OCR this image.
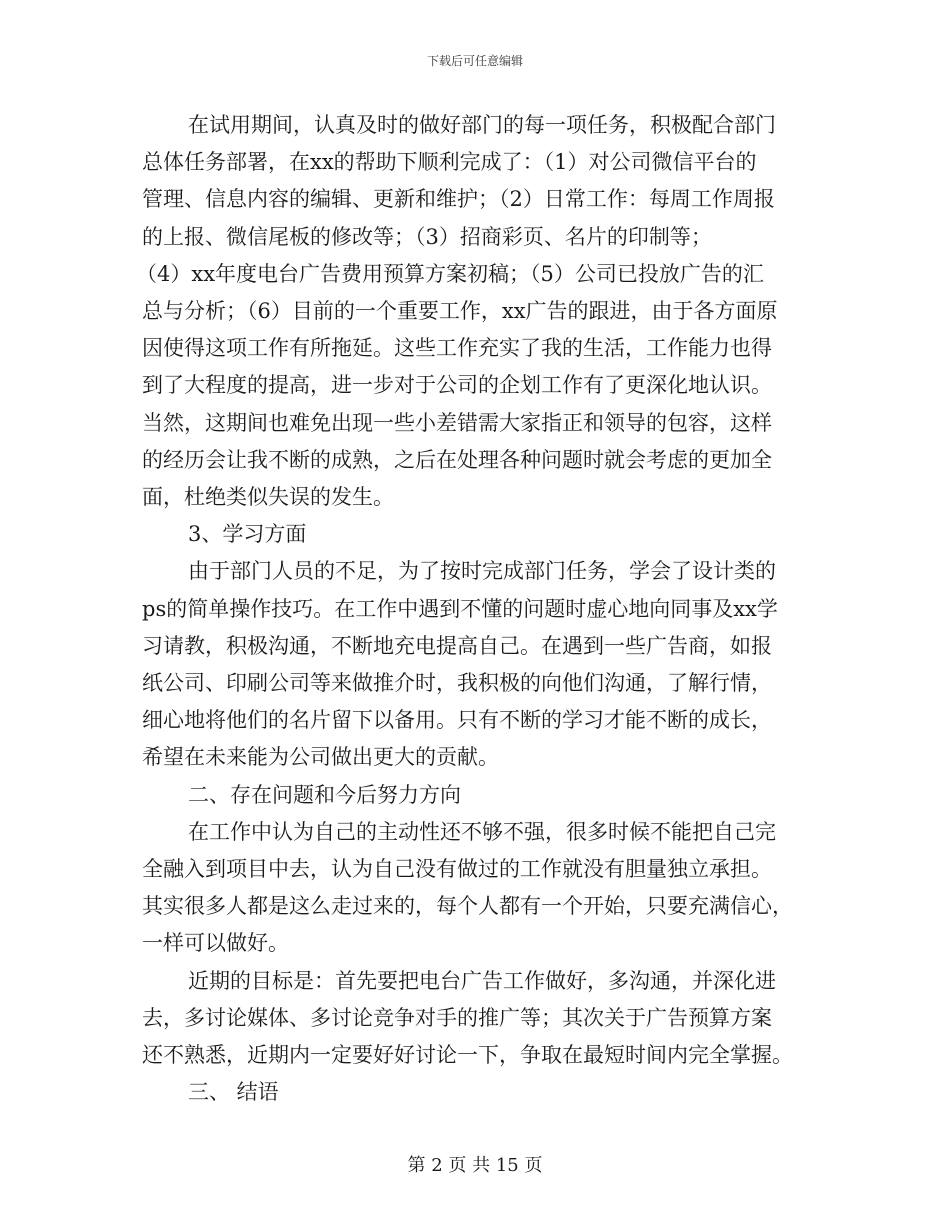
下载后可任意编辑

在试用期间，认真及时的做好部门的每一项任务，积极配合部门
总体任务部署，在xx的帮助下顺利完成了：（1）对公司微信平台的
管理、信息内容的编辑、更新和维护；（2）日常工作：每周工作周报
的上报、微信尾板的修改等；（3）招商彩页、名片的印制等；
（4）xx年度电台广告费用预算方案初稿；（5）公司已投放广告的汇
总与分析；（6）目前的一个重要工作，xx广告的跟进，由于各方面原
因使得这项工作有所拖延。这些工作充实了我的生活，工作能力也得
到了大程度的提高，进一步对于公司的企划工作有了更深化地认识。
当然，这期间也难免出现一些小差错需大家指正和领导的包容，这样
的经历会让我不断的成熟，之后在处理各种问题时就会考虑的更加全
面，杜绝类似失误的发生。

3、学习方面

由于部门人员的不足，为了按时完成部门任务，学会了设计类的
ps的简单操作技巧。在工作中遇到不懂的问题时虚心地向同事及xx学
习请教，积极沟通，不断地充电提高自己。在遇到一些广告商，如报
纸公司、印刷公司等来做推介时，我积极的向他们沟通，了解行情，
细心地将他们的名片留下以备用。只有不断的学习才能不断的成长，
希望在未来能为公司做出更大的贡献。

二、存在问题和今后努力方向

在工作中认为自己的主动性还不够不强，很多时候不能把自己完
全融入到项目中去，认为自己没有做过的工作就没有胆量独立承担。
其实很多人都是这么走过来的，每个人都有一个开始，只要充满信心，
一样可以做好。

近期的目标是：首先要把电台广告工作做好，多沟通，并深化进
去，多讨论媒体、多讨论竞争对手的推广等；其次关于广告预算方案
还不熟悉，近期内一定要好好讨论一下，争取在最短时间内完全掌握。

三、 结语

第 2 页 共 15 页
